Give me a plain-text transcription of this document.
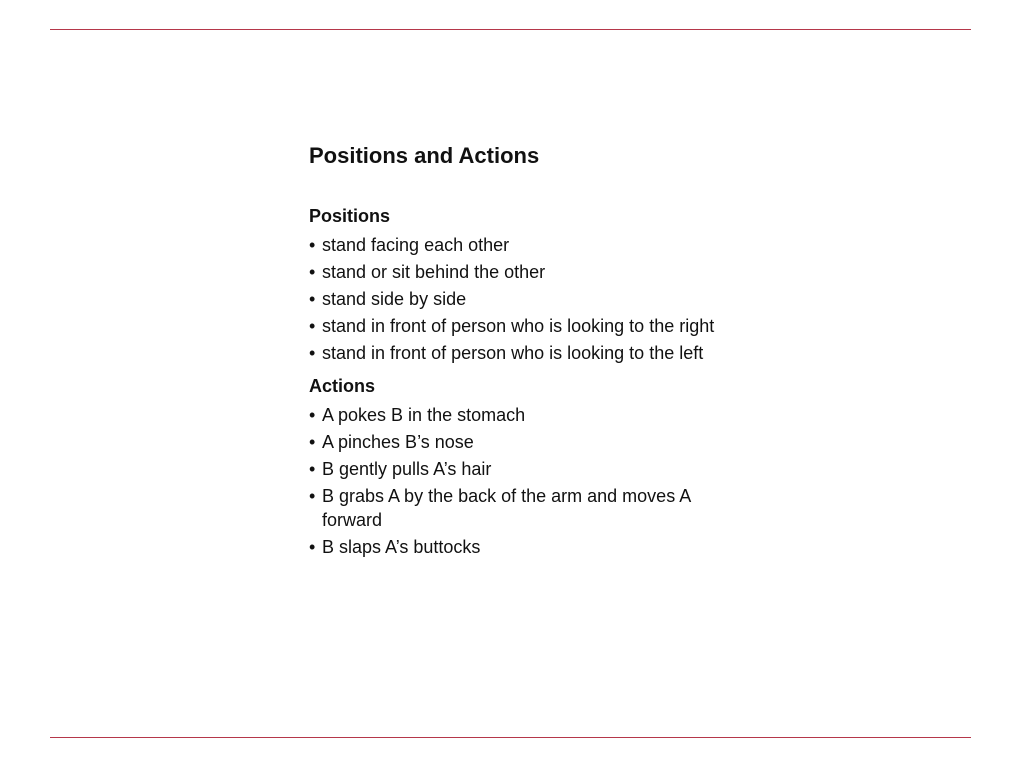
Positions and Actions
Positions
• stand facing each other
• stand or sit behind the other
• stand side by side
• stand in front of person who is looking to the right
• stand in front of person who is looking to the left
Actions
• A pokes B in the stomach
• A pinches B’s nose
• B gently pulls A’s hair
• B grabs A by the back of the arm and moves A forward
• B slaps A’s buttocks
